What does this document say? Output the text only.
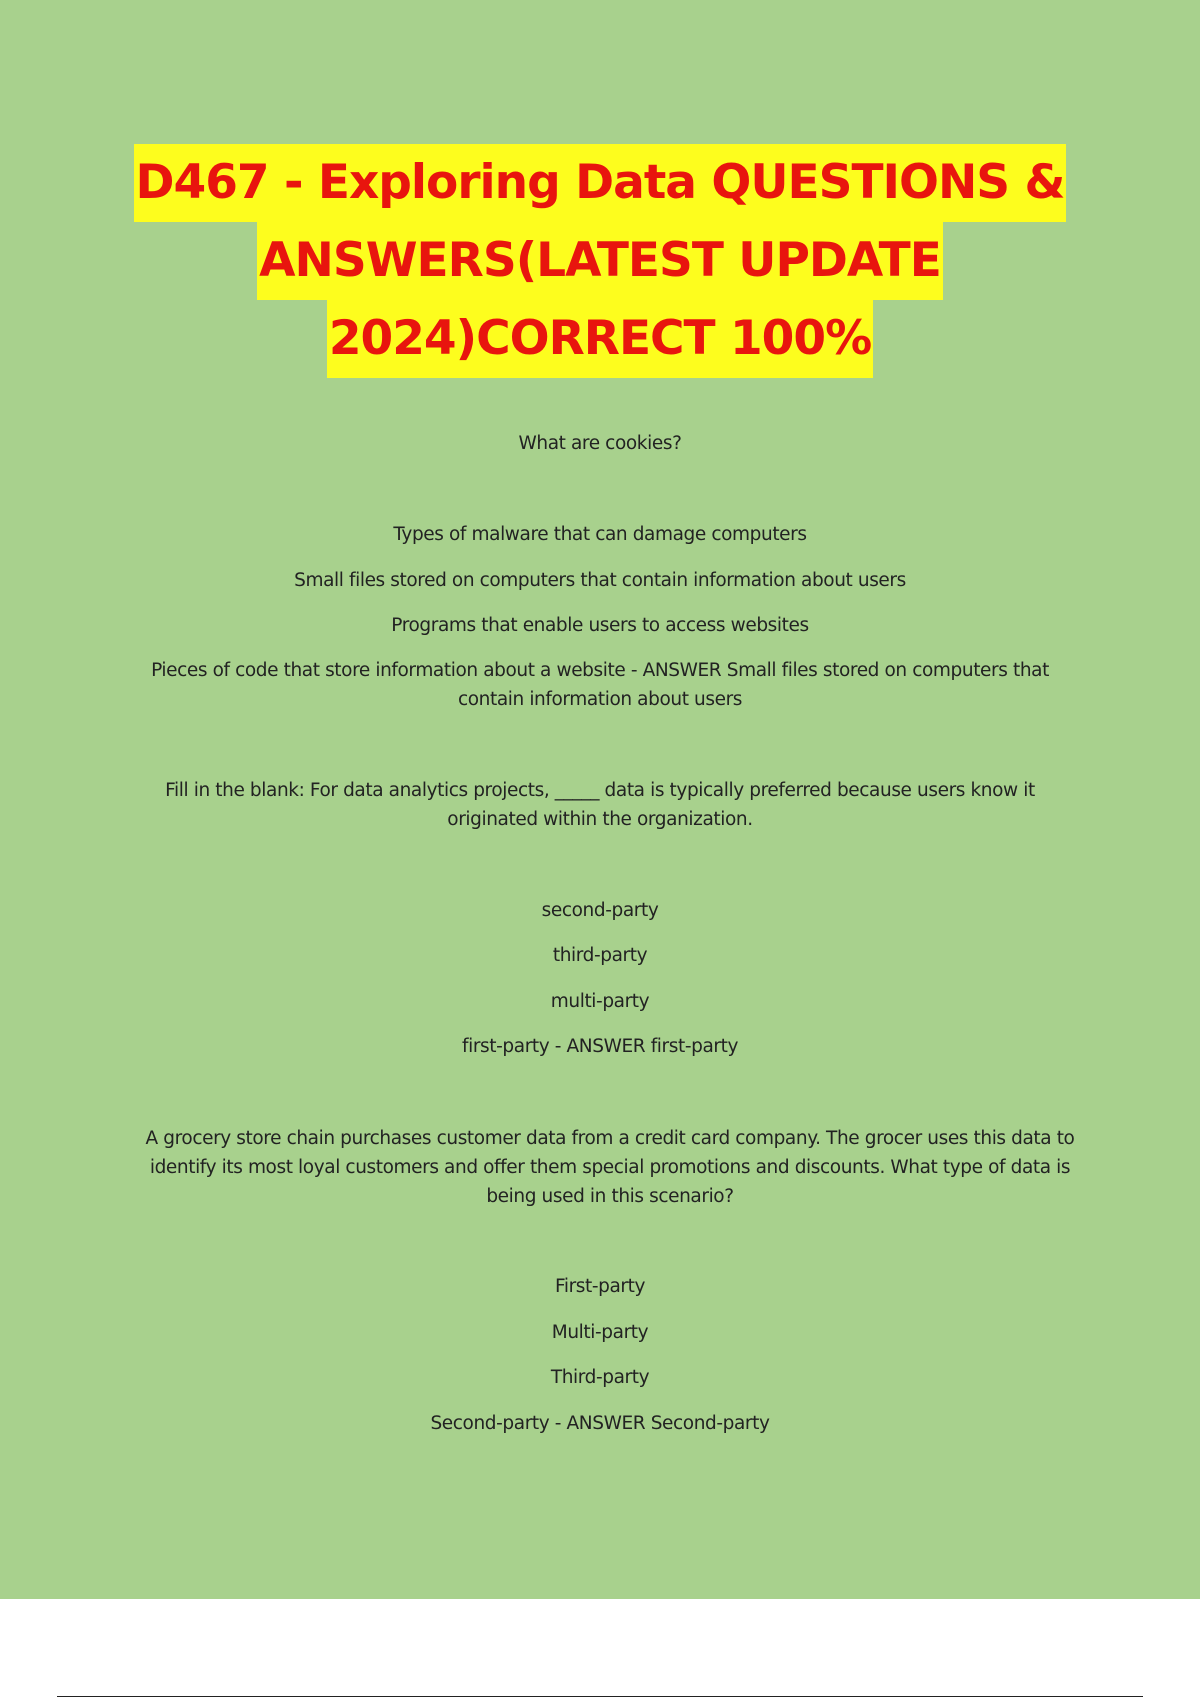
D467 - Exploring Data QUESTIONS &
ANSWERS(LATEST UPDATE
2024)CORRECT 100%
What are cookies?
Types of malware that can damage computers
Small files stored on computers that contain information about users
Programs that enable users to access websites
Pieces of code that store information about a website - ANSWER Small files stored on computers that contain information about users
Fill in the blank: For data analytics projects, _____ data is typically preferred because users know it originated within the organization.
second-party
third-party
multi-party
first-party - ANSWER first-party
A grocery store chain purchases customer data from a credit card company. The grocer uses this data to identify its most loyal customers and offer them special promotions and discounts. What type of data is being used in this scenario?
First-party
Multi-party
Third-party
Second-party - ANSWER Second-party
